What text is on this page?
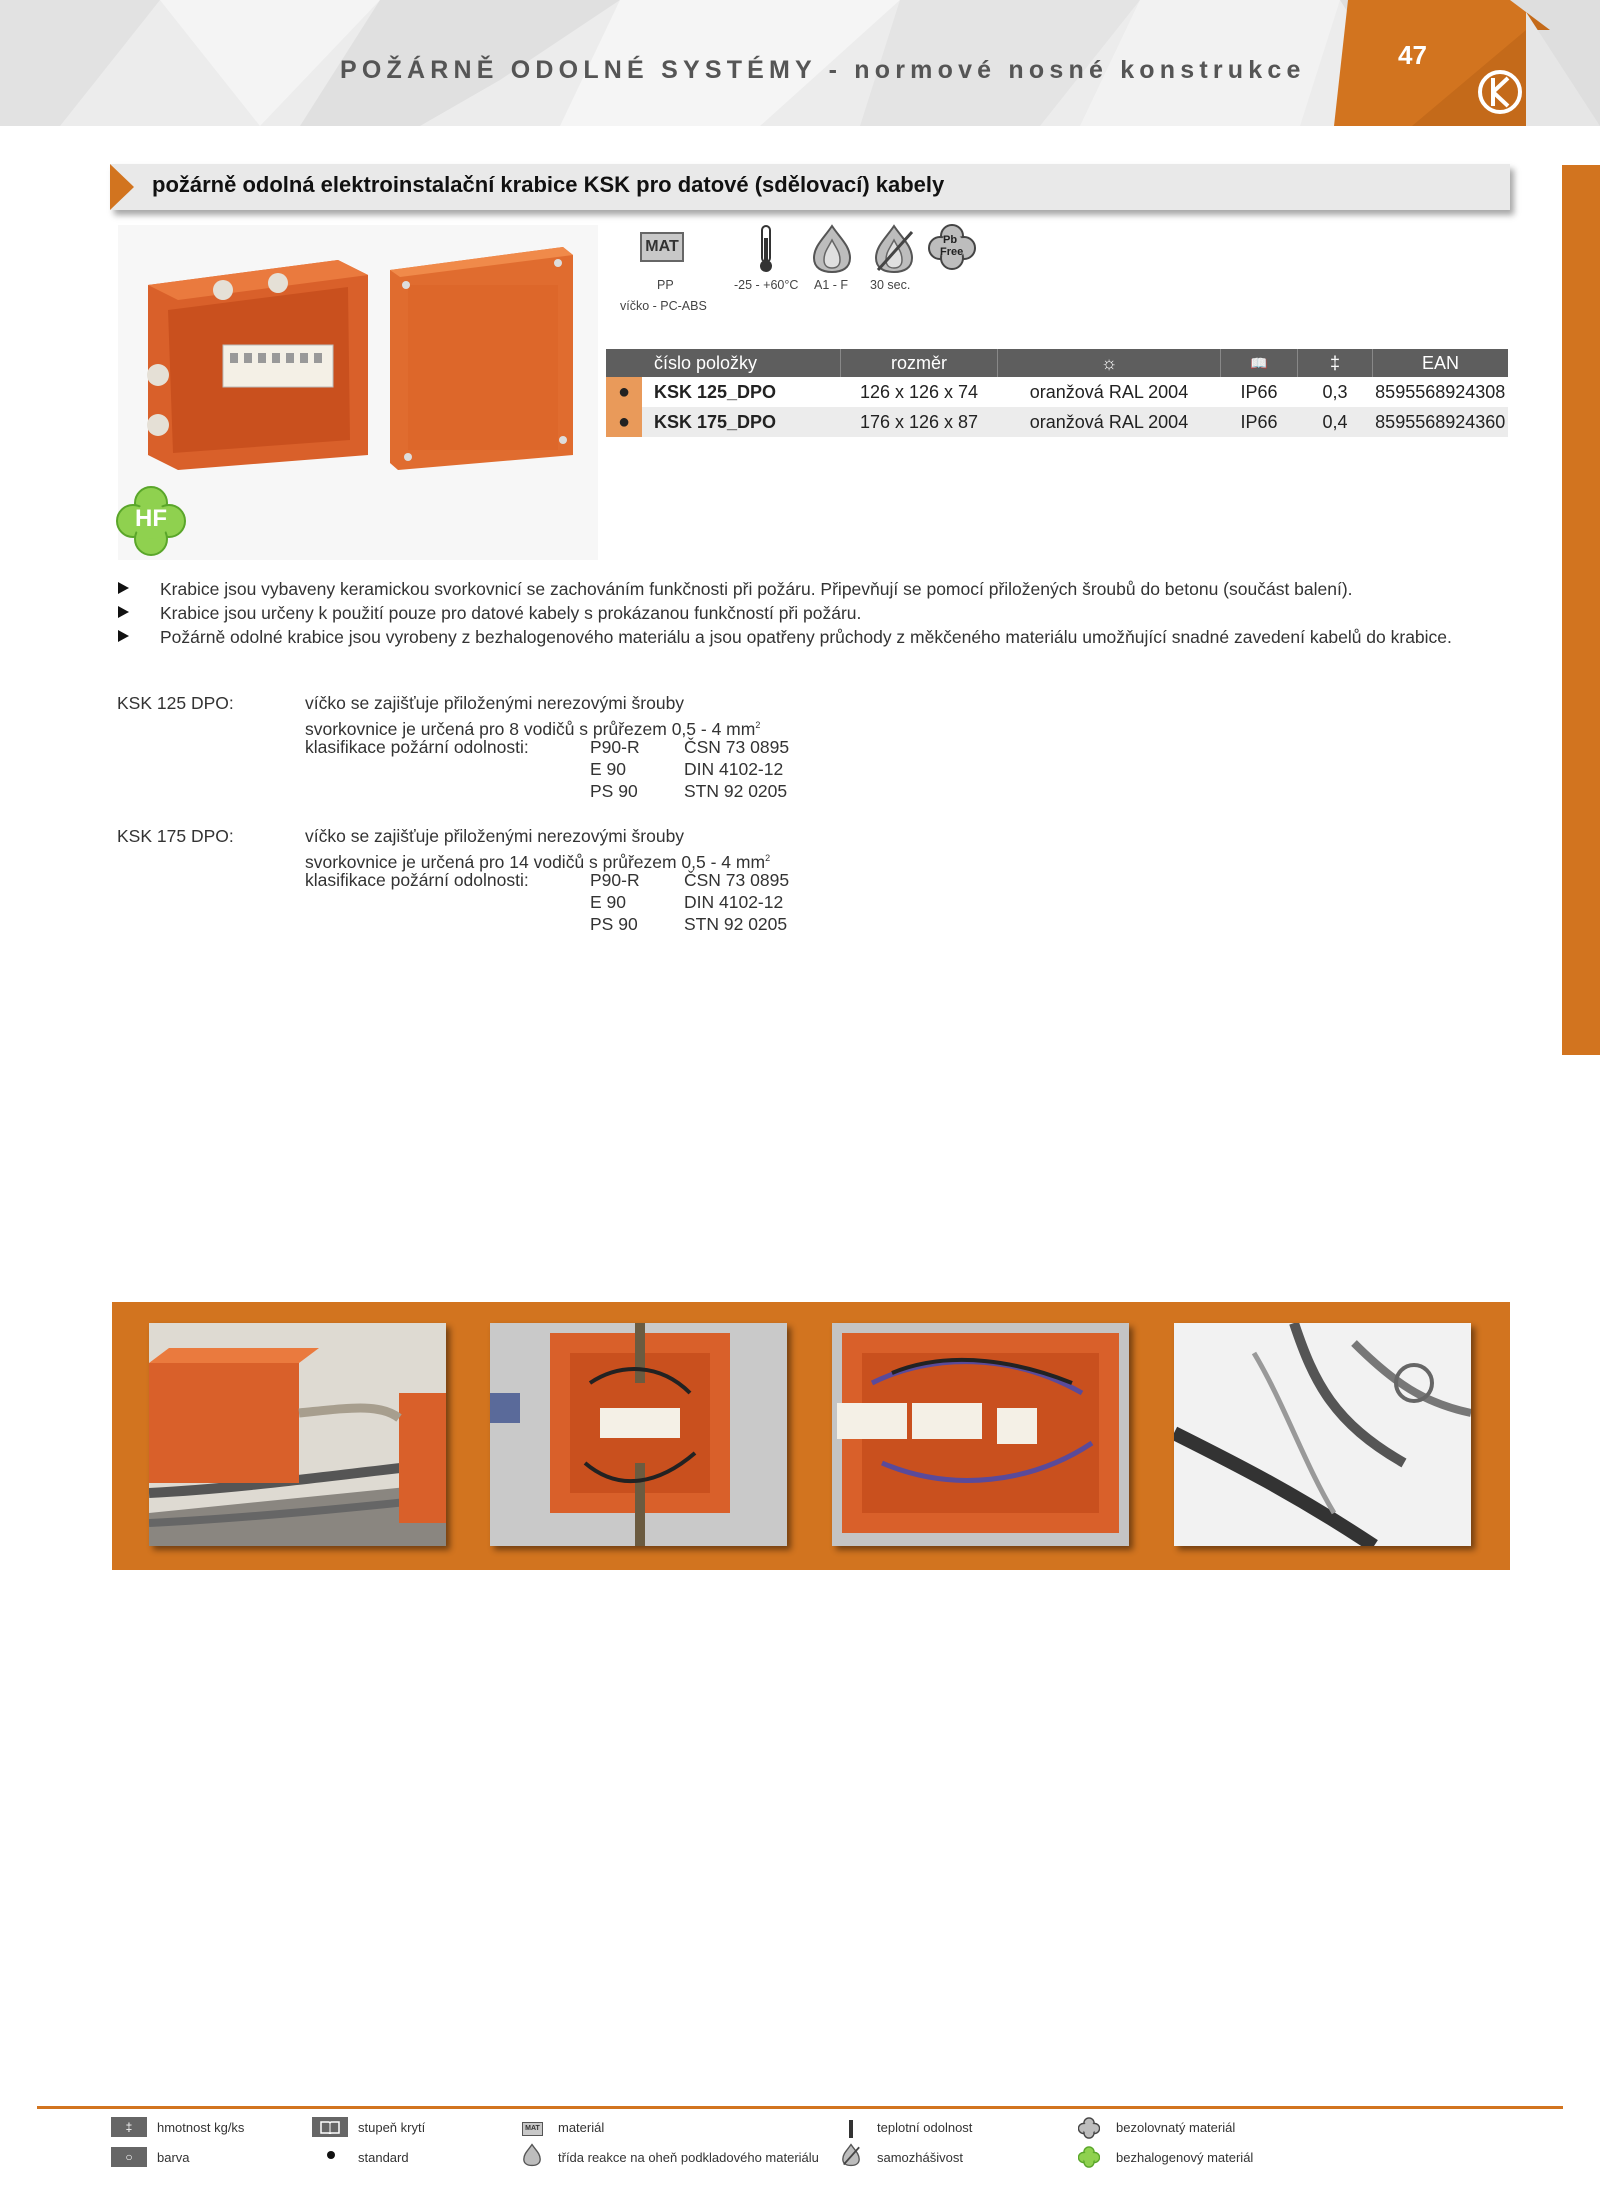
POŽÁRNĚ ODOLNÉ SYSTÉMY - normové nosné konstrukce	47
požárně odolná elektroinstalační krabice KSK pro datové (sdělovací) kabely
HF
MAT	Pb
Free
PP
víčko - PC-ABS
-25 - +60°C A1 - F 30 sec.
	číslo položky	rozměr	☼	📖	‡	EAN
●	KSK 125_DPO	126 x 126 x 74	oranžová RAL 2004	IP66	0,3	8595568924308
●	KSK 175_DPO	176 x 126 x 87	oranžová RAL 2004	IP66	0,4	8595568924360
Krabice jsou vybaveny keramickou svorkovnicí se zachováním funkčnosti při požáru. Připevňují se pomocí přiložených šroubů do betonu (součást balení).
Krabice jsou určeny k použití pouze pro datové kabely s prokázanou funkčností při požáru.
Požárně odolné krabice jsou vyrobeny z bezhalogenového materiálu a jsou opatřeny průchody z měkčeného materiálu umožňující snadné zavedení kabelů do krabice.
KSK 125 DPO:	víčko se zajišťuje přiloženými nerezovými šrouby
svorkovnice je určená pro 8 vodičů s průřezem 0,5 - 4 $mm^2$
klasifikace požární odolnosti:	P90-R	ČSN 73 0895
E 90	DIN 4102-12
PS 90	STN 92 0205
KSK 175 DPO:	víčko se zajišťuje přiloženými nerezovými šrouby
svorkovnice je určená pro 14 vodičů s průřezem 0,5 - 4 $mm^2$
klasifikace požární odolnosti:	P90-R	ČSN 73 0895
E 90	DIN 4102-12
PS 90	STN 92 0205
‡	hmotnost kg/ks
○	barva
stupeň krytí
standard
MAT materiál
třída reakce na oheň podkladového materiálu
teplotní odolnost
samozhášivost
bezolovnatý materiál
bezhalogenový materiál
